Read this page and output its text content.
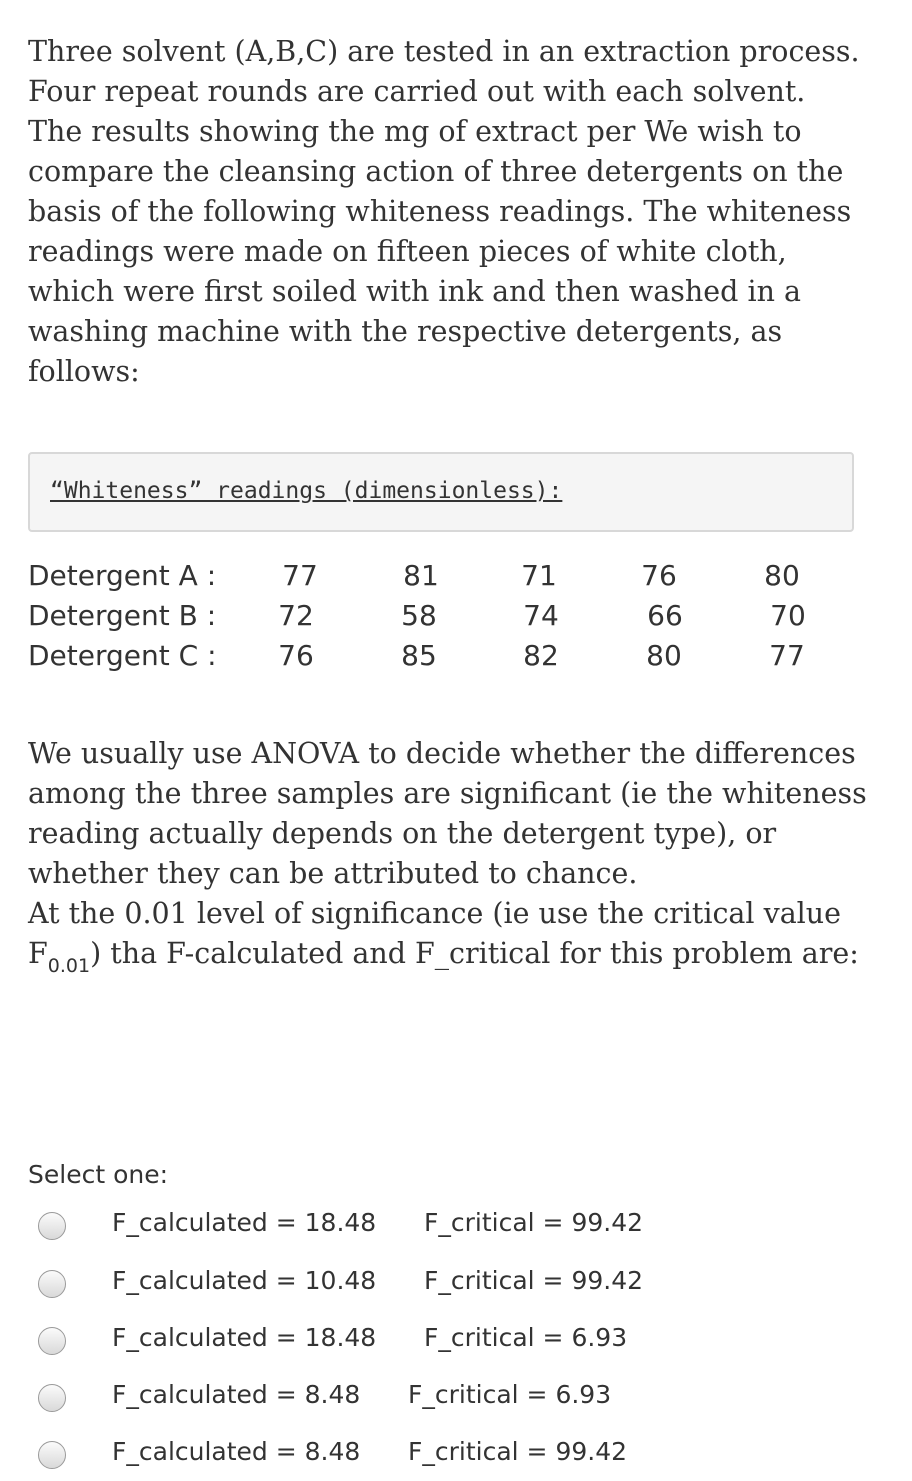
Three solvent (A,B,C) are tested in an extraction process. Four repeat rounds are carried out with each solvent. The results showing the mg of extract per We wish to compare the cleansing action of three detergents on the basis of the following whiteness readings. The whiteness readings were made on fifteen pieces of white cloth, which were first soiled with ink and then washed in a washing machine with the respective detergents, as follows:

“Whiteness” readings (dimensionless):
Detergent A :	77	81	71	76	80
Detergent B :	72	58	74	66	70
Detergent C :	76	85	82	80	77
We usually use ANOVA to decide whether the differences among the three samples are significant (ie the whiteness reading actually depends on the detergent type), or whether they can be attributed to chance.
At the 0.01 level of significance (ie use the critical value $F_{0.01}$) tha F-calculated and F_critical for this problem are:
Select one:
F_calculated = 18.48 F_critical = 99.42
F_calculated = 10.48 F_critical = 99.42
F_calculated = 18.48 F_critical = 6.93
F_calculated = 8.48 F_critical = 6.93
F_calculated = 8.48 F_critical = 99.42
